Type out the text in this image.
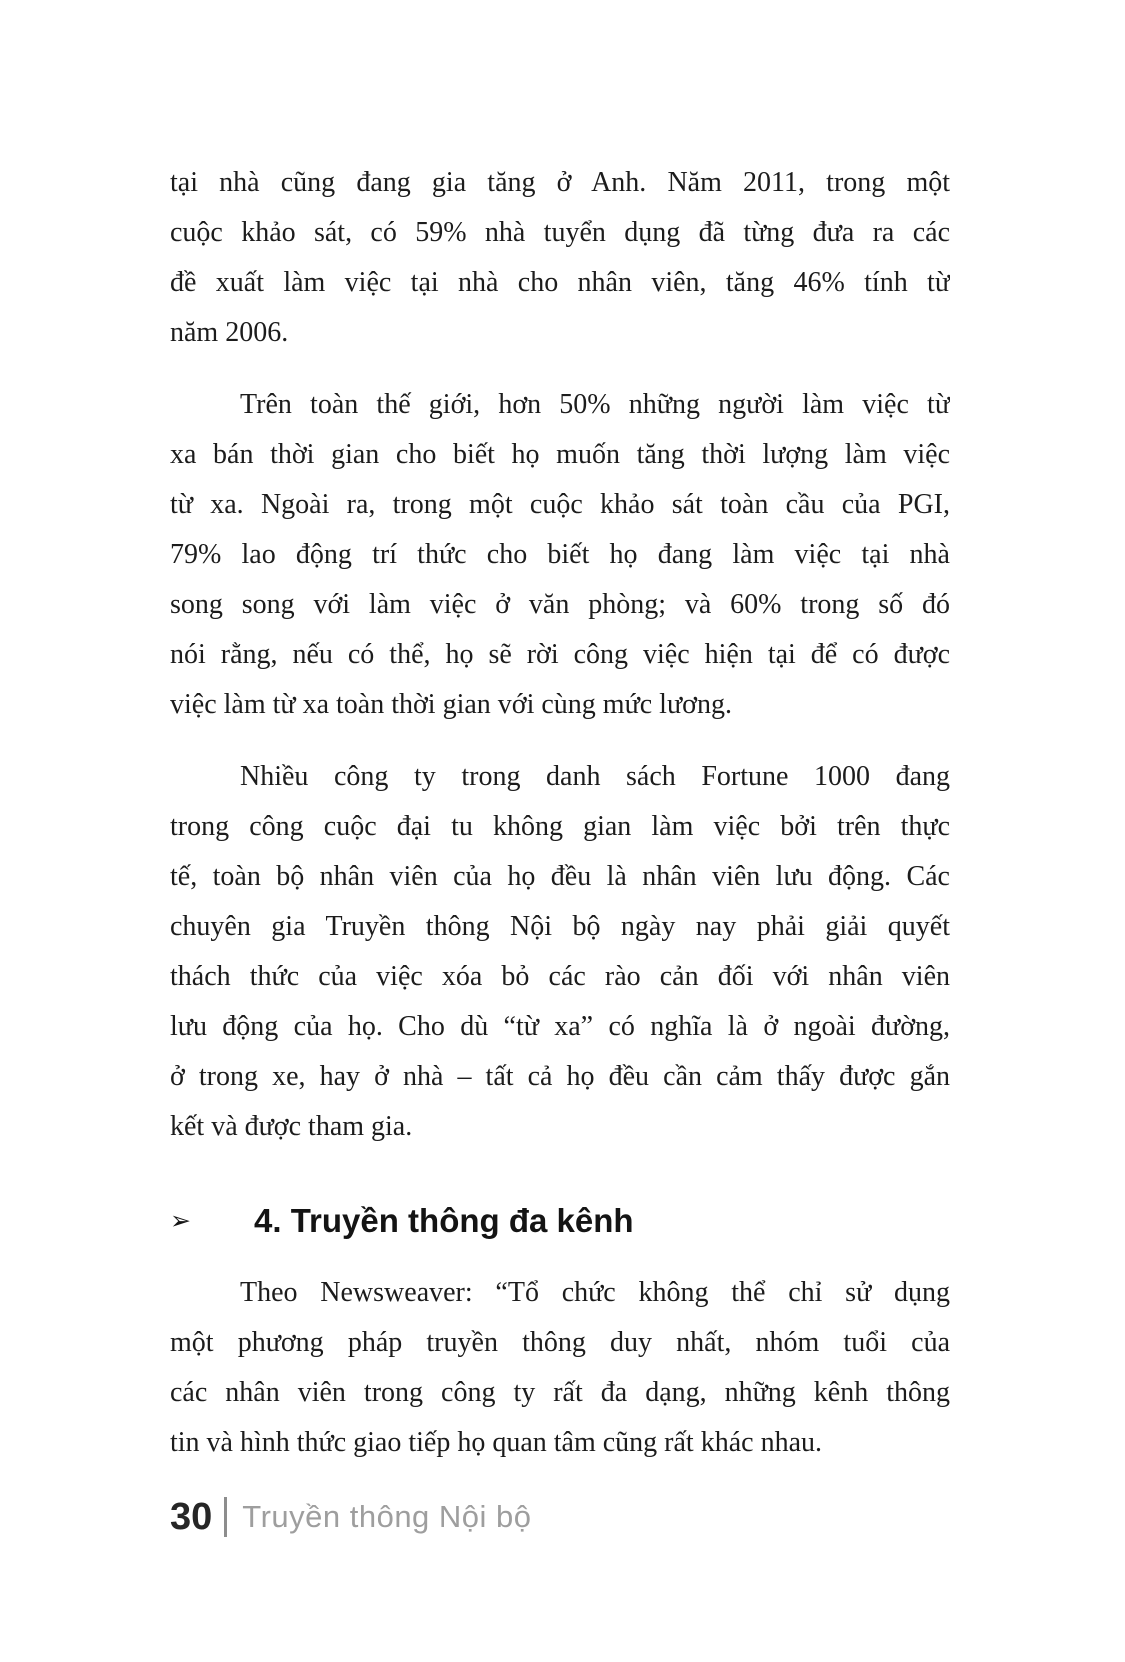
tại nhà cũng đang gia tăng ở Anh. Năm 2011, trong một
cuộc khảo sát, có 59% nhà tuyển dụng đã từng đưa ra các
đề xuất làm việc tại nhà cho nhân viên, tăng 46% tính từ
năm 2006.

Trên toàn thế giới, hơn 50% những người làm việc từ
xa bán thời gian cho biết họ muốn tăng thời lượng làm việc
từ xa. Ngoài ra, trong một cuộc khảo sát toàn cầu của PGI,
79% lao động trí thức cho biết họ đang làm việc tại nhà
song song với làm việc ở văn phòng; và 60% trong số đó
nói rằng, nếu có thể, họ sẽ rời công việc hiện tại để có được
việc làm từ xa toàn thời gian với cùng mức lương.

Nhiều công ty trong danh sách Fortune 1000 đang
trong công cuộc đại tu không gian làm việc bởi trên thực
tế, toàn bộ nhân viên của họ đều là nhân viên lưu động. Các
chuyên gia Truyền thông Nội bộ ngày nay phải giải quyết
thách thức của việc xóa bỏ các rào cản đối với nhân viên
lưu động của họ. Cho dù “từ xa” có nghĩa là ở ngoài đường,
ở trong xe, hay ở nhà – tất cả họ đều cần cảm thấy được gắn
kết và được tham gia.

➢	4. Truyền thông đa kênh

Theo Newsweaver: “Tổ chức không thể chỉ sử dụng
một phương pháp truyền thông duy nhất, nhóm tuổi của
các nhân viên trong công ty rất đa dạng, những kênh thông
tin và hình thức giao tiếp họ quan tâm cũng rất khác nhau.

30 Truyền thông Nội bộ
